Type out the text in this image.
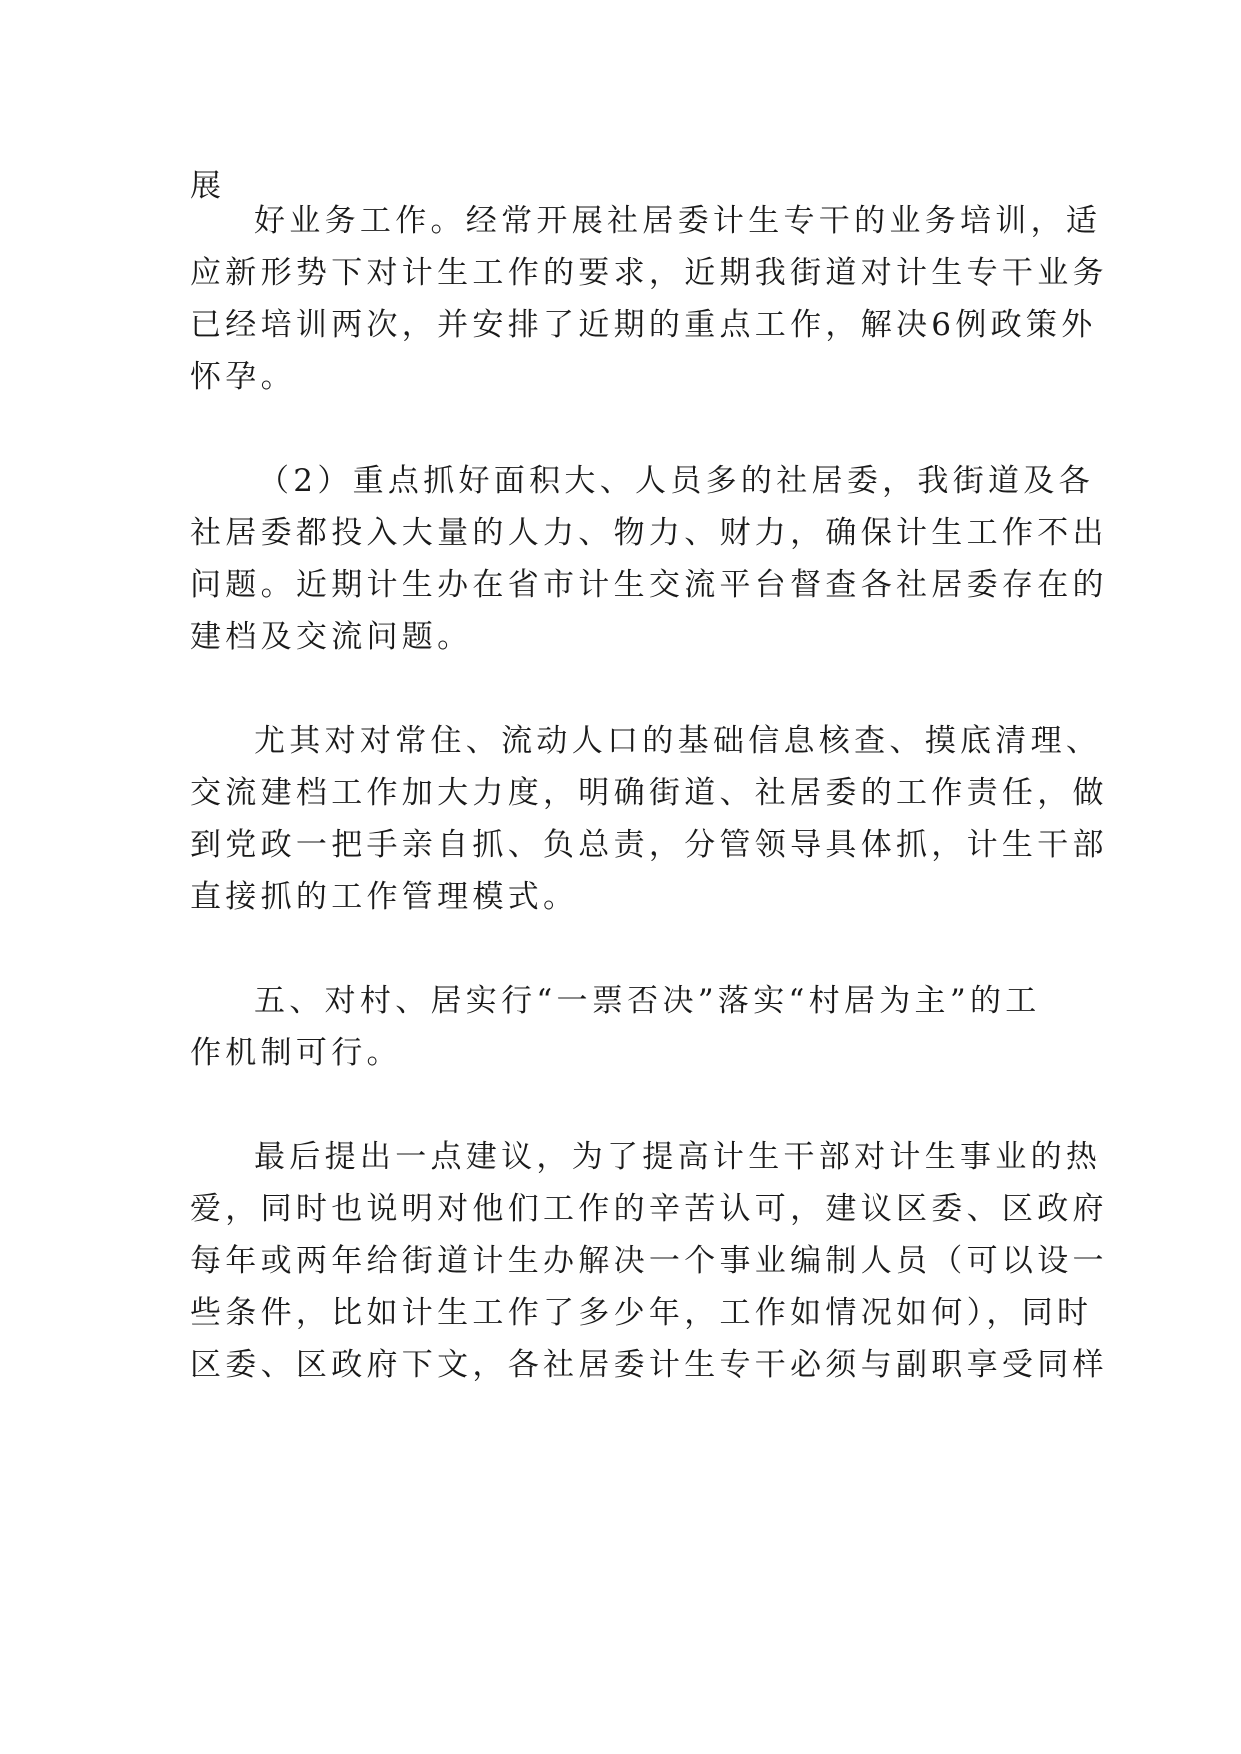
展
好业务工作。经常开展社居委计生专干的业务培训，适
应新形势下对计生工作的要求，近期我街道对计生专干业务
已经培训两次，并安排了近期的重点工作，解决6例政策外
怀孕。
（2）重点抓好面积大、人员多的社居委，我街道及各
社居委都投入大量的人力、物力、财力，确保计生工作不出
问题。近期计生办在省市计生交流平台督查各社居委存在的
建档及交流问题。
尤其对对常住、流动人口的基础信息核查、摸底清理、
交流建档工作加大力度，明确街道、社居委的工作责任，做
到党政一把手亲自抓、负总责，分管领导具体抓，计生干部
直接抓的工作管理模式。
五、对村、居实行“一票否决”落实“村居为主”的工
作机制可行。
最后提出一点建议，为了提高计生干部对计生事业的热
爱，同时也说明对他们工作的辛苦认可，建议区委、区政府
每年或两年给街道计生办解决一个事业编制人员（可以设一
些条件，比如计生工作了多少年，工作如情况如何），同时
区委、区政府下文，各社居委计生专干必须与副职享受同样
